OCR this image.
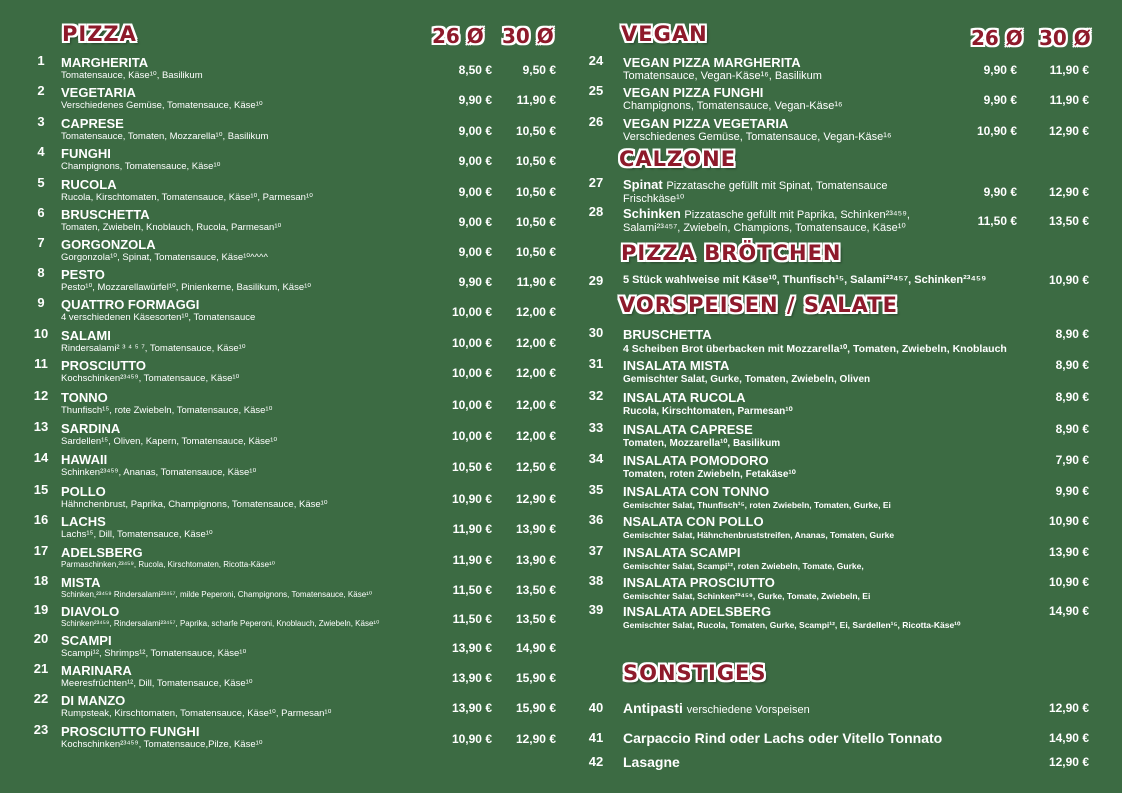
PIZZA	26 Ø 30 Ø
1	MARGHERITA
Tomatensauce, Käse¹⁰, Basilikum	8,50 €	9,50 €
2	VEGETARIA
Verschiedenes Gemüse, Tomatensauce, Käse¹⁰	9,90 € 11,90 €
3	CAPRESE
Tomatensauce, Tomaten, Mozzarella¹⁰, Basilikum	9,00 € 10,50 €
4	FUNGHI
Champignons, Tomatensauce, Käse¹⁰	9,00 € 10,50 €
5	RUCOLA
Rucola, Kirschtomaten, Tomatensauce, Käse¹⁰, Parmesan¹⁰	9,00 € 10,50 €
6	BRUSCHETTA
Tomaten, Zwiebeln, Knoblauch, Rucola, Parmesan¹⁰	9,00 € 10,50 €
7	GORGONZOLA
Gorgonzola¹⁰, Spinat, Tomatensauce, Käse¹⁰^^^^	9,00 € 10,50 €
8	PESTO
Pesto¹⁰, Mozzarellawürfel¹⁰, Pinienkerne, Basilikum, Käse¹⁰	9,90 € 11,90 €
9	QUATTRO FORMAGGI
4 verschiedenen Käsesorten¹⁰, Tomatensauce	10,00 € 12,00 €
10 SALAMI
Rindersalami² ³ ⁴ ⁵ ⁷, Tomatensauce, Käse¹⁰	10,00 € 12,00 €
11	PROSCIUTTO
Kochschinken²³⁴⁵⁹, Tomatensauce, Käse¹⁰	10,00 € 12,00 €
12 TONNO
Thunfisch¹⁵, rote Zwiebeln, Tomatensauce, Käse¹⁰	10,00 € 12,00 €
13 SARDINA
Sardellen¹⁵, Oliven, Kapern, Tomatensauce, Käse¹⁰	10,00 € 12,00 €
14 HAWAII
Schinken²³⁴⁵⁹, Ananas, Tomatensauce, Käse¹⁰	10,50 € 12,50 €
15 POLLO
Hähnchenbrust, Paprika, Champignons, Tomatensauce, Käse¹⁰	10,90 € 12,90 €
16 LACHS
Lachs¹⁵, Dill, Tomatensauce, Käse¹⁰	11,90 € 13,90 €
17 ADELSBERG
Parmaschinken,²³⁴⁵⁹, Rucola, Kirschtomaten, Ricotta-Käse¹⁰	11,90 € 13,90 €
18 MISTA
Schinken,²³⁴⁵⁹ Rindersalami²³⁴⁵⁷, milde Peperoni, Champignons, Tomatensauce, Käse¹⁰	11,50 € 13,50 €
19 DIAVOLO
Schinken²³⁴⁵⁹, Rindersalami²³⁴⁵⁷, Paprika, scharfe Peperoni, Knoblauch, Zwiebeln, Käse¹⁰	11,50 € 13,50 €
20 SCAMPI
Scampi¹², Shrimps¹², Tomatensauce, Käse¹⁰	13,90 € 14,90 €
21 MARINARA
Meeresfrüchten¹², Dill, Tomatensauce, Käse¹⁰	13,90 € 15,90 €
22 DI MANZO
Rumpsteak, Kirschtomaten, Tomatensauce, Käse¹⁰, Parmesan¹⁰	13,90 € 15,90 €
23 PROSCIUTTO FUNGHI
Kochschinken²³⁴⁵⁹, Tomatensauce,Pilze, Käse¹⁰	10,90 € 12,90 €
VEGAN	26 Ø 30 Ø
24 VEGAN PIZZA MARGHERITA
Tomatensauce, Vegan-Käse¹⁶, Basilikum	9,90 €	11,90 €
25 VEGAN PIZZA FUNGHI
Champignons, Tomatensauce, Vegan-Käse¹⁶	9,90 €	11,90 €
26 VEGAN PIZZA VEGETARIA
Verschiedenes Gemüse, Tomatensauce, Vegan-Käse¹⁶	10,90 €	12,90 €
CALZONE
27 Spinat Pizzatasche gefüllt mit Spinat, Tomatensauce
Frischkäse¹⁰	9,90 €	12,90 €
28 Schinken Pizzatasche gefüllt mit Paprika, Schinken²³⁴⁵⁹,
Salami²³⁴⁵⁷, Zwiebeln, Champions, Tomatensauce, Käse¹⁰	11,50 €	13,50 €
PIZZA BRÖTCHEN
29	5 Stück wahlweise mit Käse¹⁰, Thunfisch¹⁵, Salami²³⁴⁵⁷, Schinken²³⁴⁵⁹	10,90 €
VORSPEISEN / SALATE
30 BRUSCHETTA
4 Scheiben Brot überbacken mit Mozzarella¹⁰, Tomaten, Zwiebeln, Knoblauch
8,90 €
31 INSALATA MISTA
Gemischter Salat, Gurke, Tomaten, Zwiebeln, Oliven
8,90 €
32 INSALATA RUCOLA
Rucola, Kirschtomaten, Parmesan¹⁰
8,90 €
33 INSALATA CAPRESE
Tomaten, Mozzarella¹⁰, Basilikum
8,90 €
34 INSALATA POMODORO
Tomaten, roten Zwiebeln, Fetakäse¹⁰
7,90 €
35 INSALATA CON TONNO
Gemischter Salat, Thunfisch¹⁵, roten Zwiebeln, Tomaten, Gurke, Ei
9,90 €
36 NSALATA CON POLLO
Gemischter Salat, Hähnchenbruststreifen, Ananas, Tomaten, Gurke
10,90 €
37 INSALATA SCAMPI
Gemischter Salat, Scampi¹², roten Zwiebeln, Tomate, Gurke,
13,90 €
38 INSALATA PROSCIUTTO
Gemischter Salat, Schinken²³⁴⁵⁹, Gurke, Tomate, Zwiebeln, Ei
10,90 €
39 INSALATA ADELSBERG
Gemischter Salat, Rucola, Tomaten, Gurke, Scampi¹², Ei, Sardellen¹⁵, Ricotta-Käse¹⁰
14,90 €
SONSTIGES
40 Antipasti verschiedene Vorspeisen	12,90 €
41 Carpaccio Rind oder Lachs oder Vitello Tonnato	14,90 €
42 Lasagne	12,90 €
